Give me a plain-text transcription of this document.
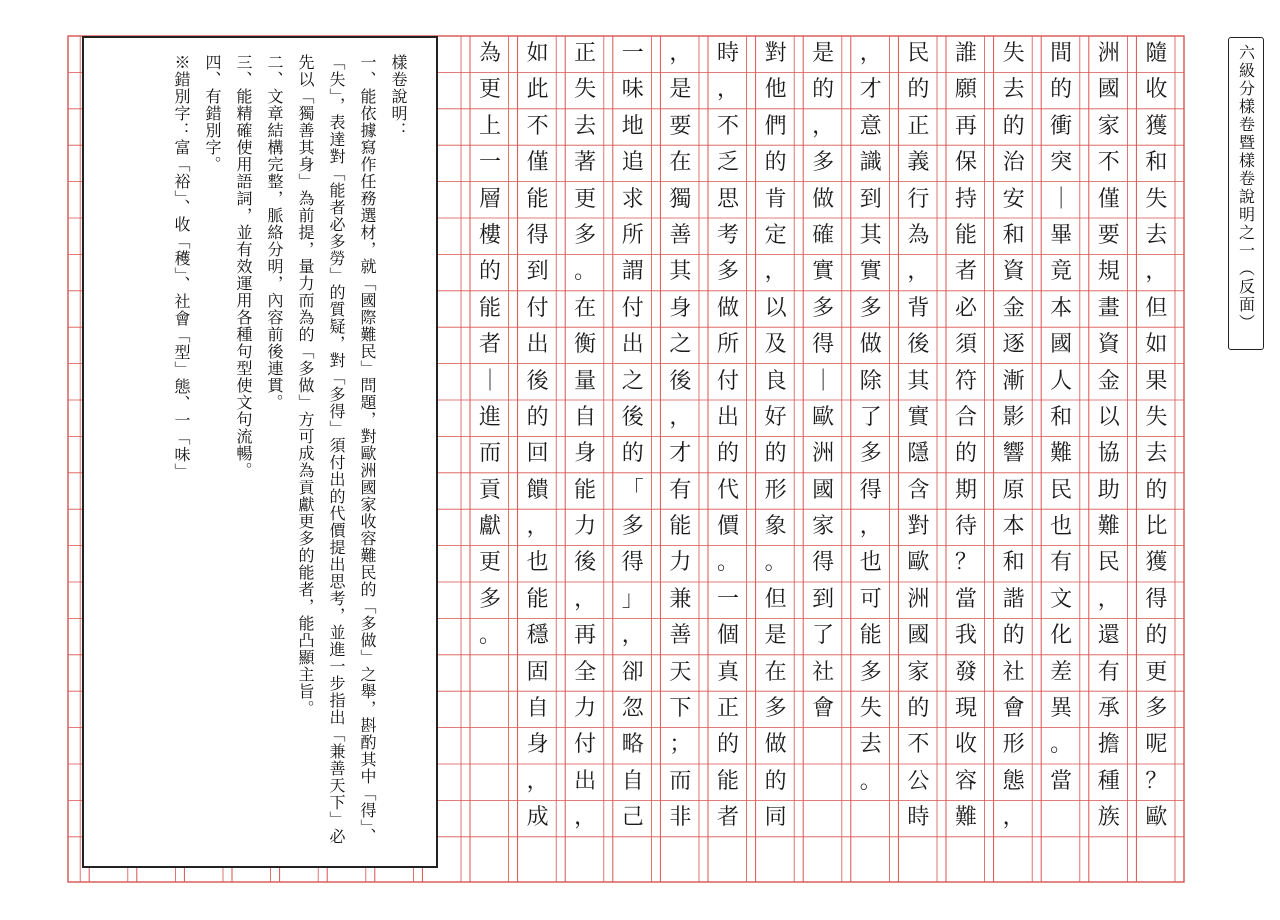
六級分樣卷暨樣卷說明之一（反面）

樣卷說明：

一、能依據寫作任務選材，就「國際難民」問題，對歐洲國家收容難民的「多做」之舉，斟酌其中「得」、「失」，表達對「能者必多勞」的質疑，對「多得」須付出的代價提出思考，並進一步指出「兼善天下」必先以「獨善其身」為前提，量力而為的「多做」方可成為貢獻更多的能者，能凸顯主旨。

二、文章結構完整，脈絡分明，內容前後連貫。

三、能精確使用語詞，並有效運用各種句型使文句流暢。

四、有錯別字。

※錯別字：富「裕」、收「穫」、社會「型」態、一「味」

隨
收
獲
和
失
去
，
但
如
果
失
去
的
比
獲
得
的
更
多
呢
？
歐
洲
國
家
不
僅
要
規
畫
資
金
以
協
助
難
民
，
還
有
承
擔
種
族
間
的
衝
突
｜
畢
竟
本
國
人
和
難
民
也
有
文
化
差
異
。
當
失
去
的
治
安
和
資
金
逐
漸
影
響
原
本
和
諧
的
社
會
形
態
，
誰
願
再
保
持
能
者
必
須
符
合
的
期
待
？
當
我
發
現
收
容
難
民
的
正
義
行
為
，
背
後
其
實
隱
含
對
歐
洲
國
家
的
不
公
時
，
才
意
識
到
其
實
多
做
除
了
多
得
，
也
可
能
多
失
去
。
是
的
，
多
做
確
實
多
得
｜
歐
洲
國
家
得
到
了
社
會
對
他
們
的
肯
定
，
以
及
良
好
的
形
象
。
但
是
在
多
做
的
同
時
，
不
乏
思
考
多
做
所
付
出
的
代
價
。
一
個
真
正
的
能
者
，
是
要
在
獨
善
其
身
之
後
，
才
有
能
力
兼
善
天
下
；
而
非
一
味
地
追
求
所
謂
付
出
之
後
的
「
多
得
」
，
卻
忽
略
自
己
正
失
去
著
更
多
。
在
衡
量
自
身
能
力
後
，
再
全
力
付
出
，
如
此
不
僅
能
得
到
付
出
後
的
回
饋
，
也
能
穩
固
自
身
，
成
為
更
上
一
層
樓
的
能
者
｜
進
而
貢
獻
更
多
。
